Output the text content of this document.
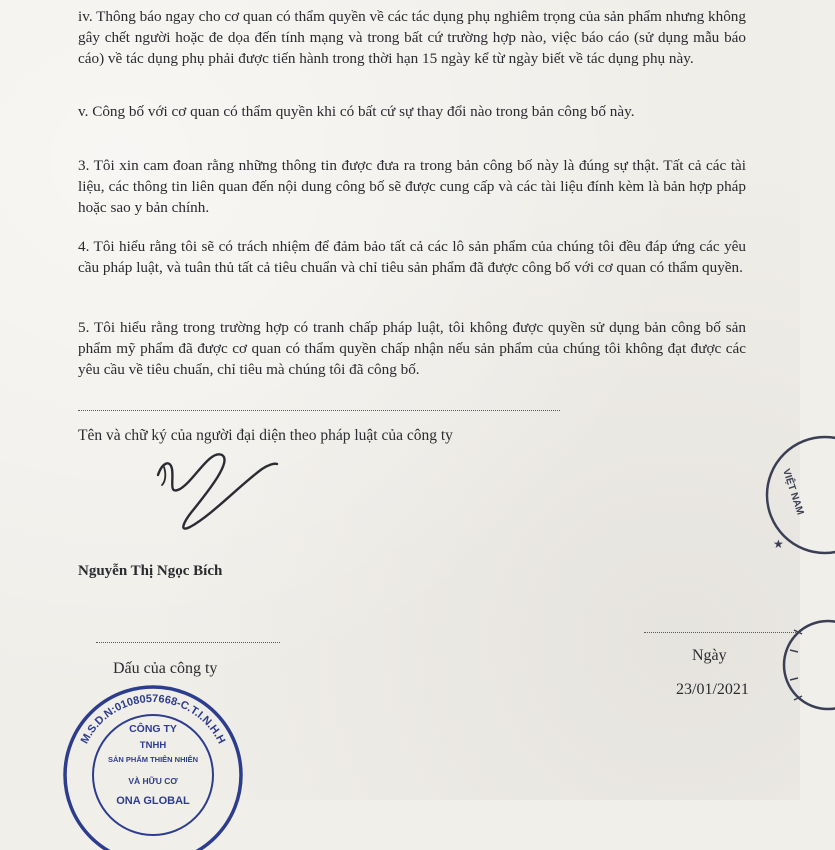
iv. Thông báo ngay cho cơ quan có thẩm quyền về các tác dụng phụ nghiêm trọng của sản phẩm nhưng không gây chết người hoặc đe dọa đến tính mạng và trong bất cứ trường hợp nào, việc báo cáo (sử dụng mẫu báo cáo) về tác dụng phụ phải được tiến hành trong thời hạn 15 ngày kể từ ngày biết về tác dụng phụ này.

v. Công bố với cơ quan có thẩm quyền khi có bất cứ sự thay đổi nào trong bản công bố này.

3. Tôi xin cam đoan rằng những thông tin được đưa ra trong bản công bố này là đúng sự thật. Tất cả các tài liệu, các thông tin liên quan đến nội dung công bố sẽ được cung cấp và các tài liệu đính kèm là bản hợp pháp hoặc sao y bản chính.

4. Tôi hiểu rằng tôi sẽ có trách nhiệm để đảm bảo tất cả các lô sản phẩm của chúng tôi đều đáp ứng các yêu cầu pháp luật, và tuân thủ tất cả tiêu chuẩn và chỉ tiêu sản phẩm đã được công bố với cơ quan có thẩm quyền.

5. Tôi hiểu rằng trong trường hợp có tranh chấp pháp luật, tôi không được quyền sử dụng bản công bố sản phẩm mỹ phẩm đã được cơ quan có thẩm quyền chấp nhận nếu sản phẩm của chúng tôi không đạt được các yêu cầu về tiêu chuẩn, chỉ tiêu mà chúng tôi đã công bố.

Tên và chữ ký của người đại diện theo pháp luật của công ty

Nguyễn Thị Ngọc Bích

Dấu của công ty

Ngày

23/01/2021

M.S.D.N:0108057668-C.T.I.N.H.H
CÔNG TY
TNHH
SẢN PHẨM THIÊN NHIÊN
VÀ HỮU CƠ
ONA GLOBAL
VIỆT NAM
★
